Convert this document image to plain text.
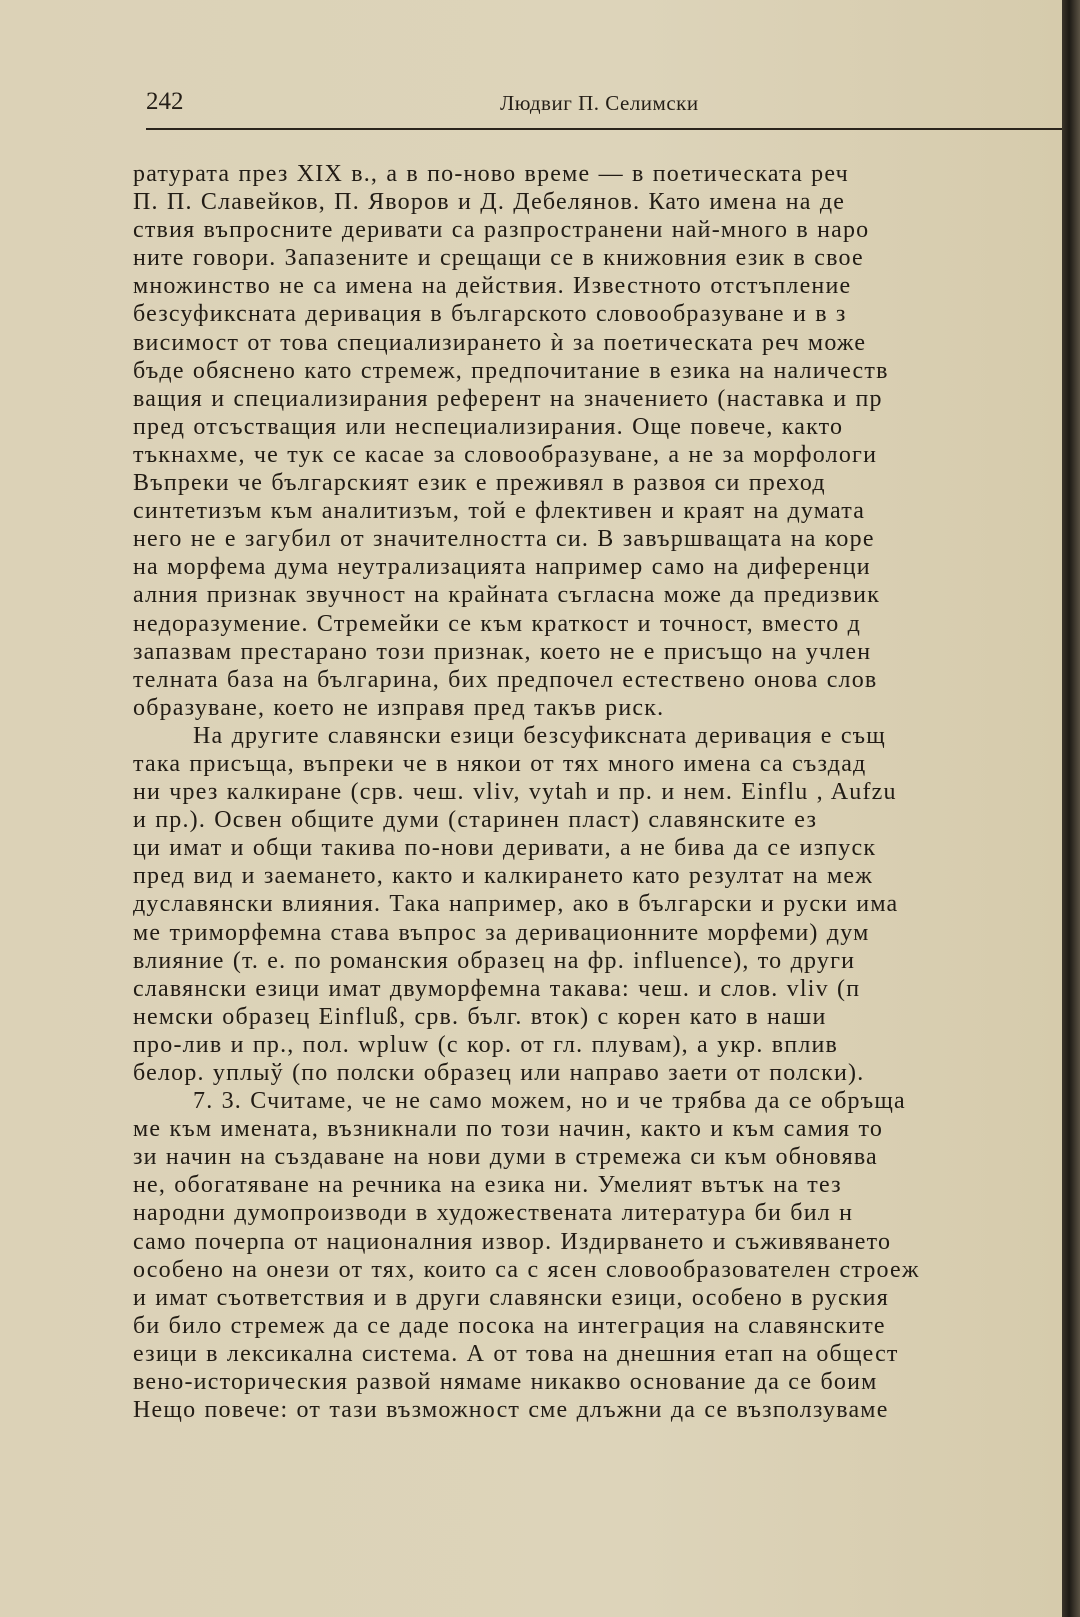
242	Людвиг П. Селимски
ратурата през XIX в., а в по-ново време — в поетическата реч
П. П. Славейков, П. Яворов и Д. Дебелянов. Като имена на де
ствия въпросните деривати са разпространени най-много в наро
ните говори. Запазените и срещащи се в книжовния език в свое
множинство не са имена на действия. Известното отстъпление
безсуфиксната деривация в българското словообразуване и в з
висимост от това специализирането ѝ за поетическата реч може
бъде обяснено като стремеж, предпочитание в езика на наличеств
ващия и специализирания референт на значението (наставка и пр
пред отсъстващия или неспециализирания. Още повече, както
тъкнахме, че тук се касае за словообразуване, а не за морфологи
Въпреки че българският език е преживял в развоя си преход
синтетизъм към аналитизъм, той е флективен и краят на думата
него не е загубил от значителността си. В завършващата на коре
на морфема дума неутрализацията например само на диференци
алния признак звучност на крайната съгласна може да предизвик
недоразумение. Стремейки се към краткост и точност, вместо д
запазвам престарано този признак, което не е присъщо на учлен
телната база на българина, бих предпочел естествено онова слов
образуване, което не изправя пред такъв риск.
На другите славянски езици безсуфиксната деривация е същ
така присъща, въпреки че в някои от тях много имена са създад
ни чрез калкиране (срв. чеш. vliv, vytah и пр. и нем. Einflu , Aufzu
и пр.). Освен общите думи (старинен пласт) славянските ез
ци имат и общи такива по-нови деривати, а не бива да се изпуск
пред вид и заемането, както и калкирането като резултат на меж
дуславянски влияния. Така например, ако в български и руски има
ме триморфемна става въпрос за деривационните морфеми) дум
влияние (т. е. по романския образец на фр. influence), то други
славянски езици имат двуморфемна такава: чеш. и слов. vliv (п
немски образец Einfluß, срв. бълг. вток) с корен като в наши
про-лив и пр., пол. wpluw (с кор. от гл. плувам), а укр. вплив
белор. уплыў (по полски образец или направо заети от полски).
7. 3. Считаме, че не само можем, но и че трябва да се обръща
ме към имената, възникнали по този начин, както и към самия то
зи начин на създаване на нови думи в стремежа си към обновява
не, обогатяване на речника на езика ни. Умелият вътък на тез
народни думопроизводи в художествената литература би бил н
само почерпа от националния извор. Издирването и съживяването
особено на онези от тях, които са с ясен словообразователен строеж
и имат съответствия и в други славянски езици, особено в руския
би било стремеж да се даде посока на интеграция на славянските
езици в лексикална система. А от това на днешния етап на общест
вено-историческия развой нямаме никакво основание да се боим
Нещо повече: от тази възможност сме длъжни да се възползуваме
